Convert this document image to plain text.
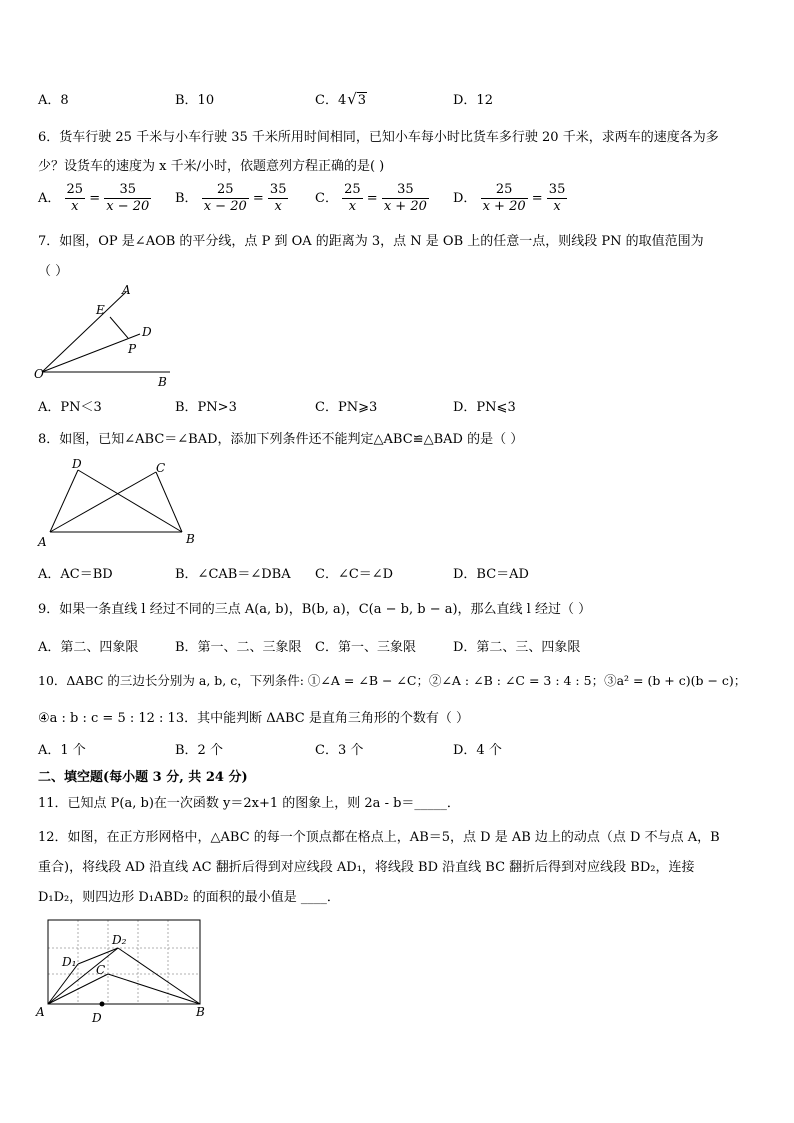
A．8	B．10	C．4√3	D．12
6．货车行驶 25 千米与小车行驶 35 千米所用时间相同，已知小车每小时比货车多行驶 20 千米，求两车的速度各为多
少？设货车的速度为 x 千米/小时，依题意列方程正确的是( )
A． $\frac{25}{x} = \frac{35}{x - 20}$ B． $\frac{25}{x - 20} = \frac{35}{x}$ C． $\frac{25}{x} = \frac{35}{x + 20}$ D． $\frac{25}{x + 20} = \frac{35}{x}$
7．如图，OP 是∠AOB 的平分线，点 P 到 OA 的距离为 3，点 N 是 OB 上的任意一点，则线段 PN 的取值范围为
（ ）
A
E
D
P
O
B
A．PN＜3	B．PN>3	C．PN⩾3	D．PN⩽3
8．如图，已知∠ABC＝∠BAD，添加下列条件还不能判定△ABC≌△BAD 的是（ ）
D	C
A	B
A．AC＝BD	B．∠CAB＝∠DBA C．∠C＝∠D	D．BC＝AD
9．如果一条直线 l 经过不同的三点 A(a, b)，B(b, a)，C(a − b, b − a)，那么直线 l 经过（ ）
A．第二、四象限	B．第一、二、三象限 C．第一、三象限	D．第二、三、四象限
10．ΔABC 的三边长分别为 a, b, c，下列条件: ①∠A = ∠B − ∠C；②∠A : ∠B : ∠C = 3 : 4 : 5；③a² = (b + c)(b − c)；
④a : b : c = 5 : 12 : 13．其中能判断 ΔABC 是直角三角形的个数有（ ）
A．1 个	B．2 个	C．3 个	D．4 个
二、填空题(每小题 3 分, 共 24 分)
11．已知点 P(a, b)在一次函数 y＝2x+1 的图象上，则 2a - b＝_____．
12．如图，在正方形网格中，△ABC 的每一个顶点都在格点上，AB＝5，点 D 是 AB 边上的动点（点 D 不与点 A，B
重合)，将线段 AD 沿直线 AC 翻折后得到对应线段 AD₁，将线段 BD 沿直线 BC 翻折后得到对应线段 BD₂，连接
D₁D₂，则四边形 D₁ABD₂ 的面积的最小值是 ____．
D₂
D₁
C
A	D	B
